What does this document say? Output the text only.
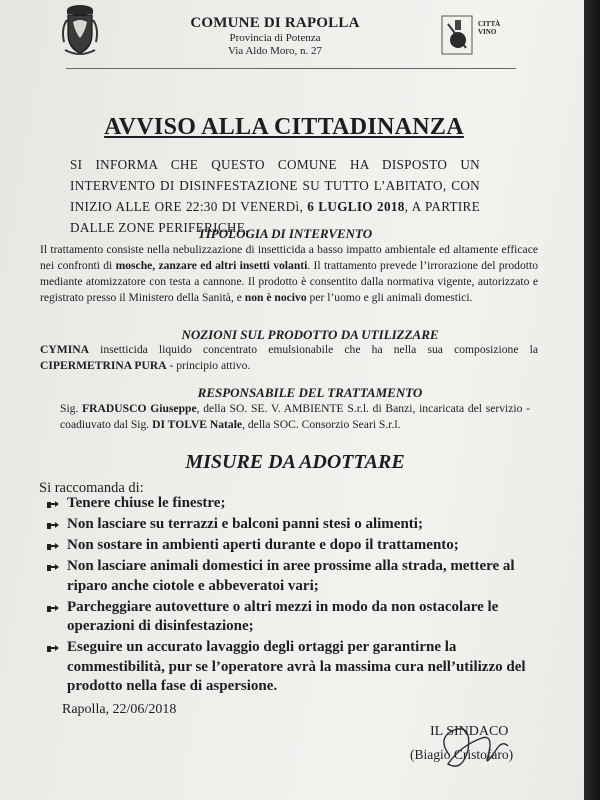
COMUNE DI RAPOLLA
Provincia di Potenza
Via Aldo Moro, n. 27
CITTÀ VINO
AVVISO ALLA CITTADINANZA
SI INFORMA CHE QUESTO COMUNE HA DISPOSTO UN INTERVENTO DI DISINFESTAZIONE SU TUTTO L’ABITATO, CON INIZIO ALLE ORE 22:30 DI VENERDì, 6 LUGLIO 2018, A PARTIRE DALLE ZONE PERIFERICHE.
TIPOLOGIA DI INTERVENTO
Il trattamento consiste nella nebulizzazione di insetticida a basso impatto ambientale ed altamente efficace nei confronti di mosche, zanzare ed altri insetti volanti. Il trattamento prevede l’irrorazione del prodotto mediante atomizzatore con testa a cannone. Il prodotto è consentito dalla normativa vigente, autorizzato e registrato presso il Ministero della Sanità, e non è nocivo per l’uomo e gli animali domestici.
NOZIONI SUL PRODOTTO DA UTILIZZARE
CYMINA insetticida liquido concentrato emulsionabile che ha nella sua composizione la CIPERMETRINA PURA - principio attivo.
RESPONSABILE DEL TRATTAMENTO
Sig. FRADUSCO Giuseppe, della SO. SE. V. AMBIENTE S.r.l. di Banzi, incaricata del servizio - coadiuvato dal Sig. DI TOLVE Natale, della SOC. Consorzio Seari S.r.l.
MISURE DA ADOTTARE
Si raccomanda di:
Tenere chiuse le finestre;
Non lasciare su terrazzi e balconi panni stesi o alimenti;
Non sostare in ambienti aperti durante e dopo il trattamento;
Non lasciare animali domestici in aree prossime alla strada, mettere al riparo anche ciotole e abbeveratoi vari;
Parcheggiare autovetture o altri mezzi in modo da non ostacolare le operazioni di disinfestazione;
Eseguire un accurato lavaggio degli ortaggi per garantirne la commestibilità, pur se l’operatore avrà la massima cura nell’utilizzo del prodotto nella fase di aspersione.
Rapolla, 22/06/2018
IL SINDACO
(Biagio Cristofaro)
